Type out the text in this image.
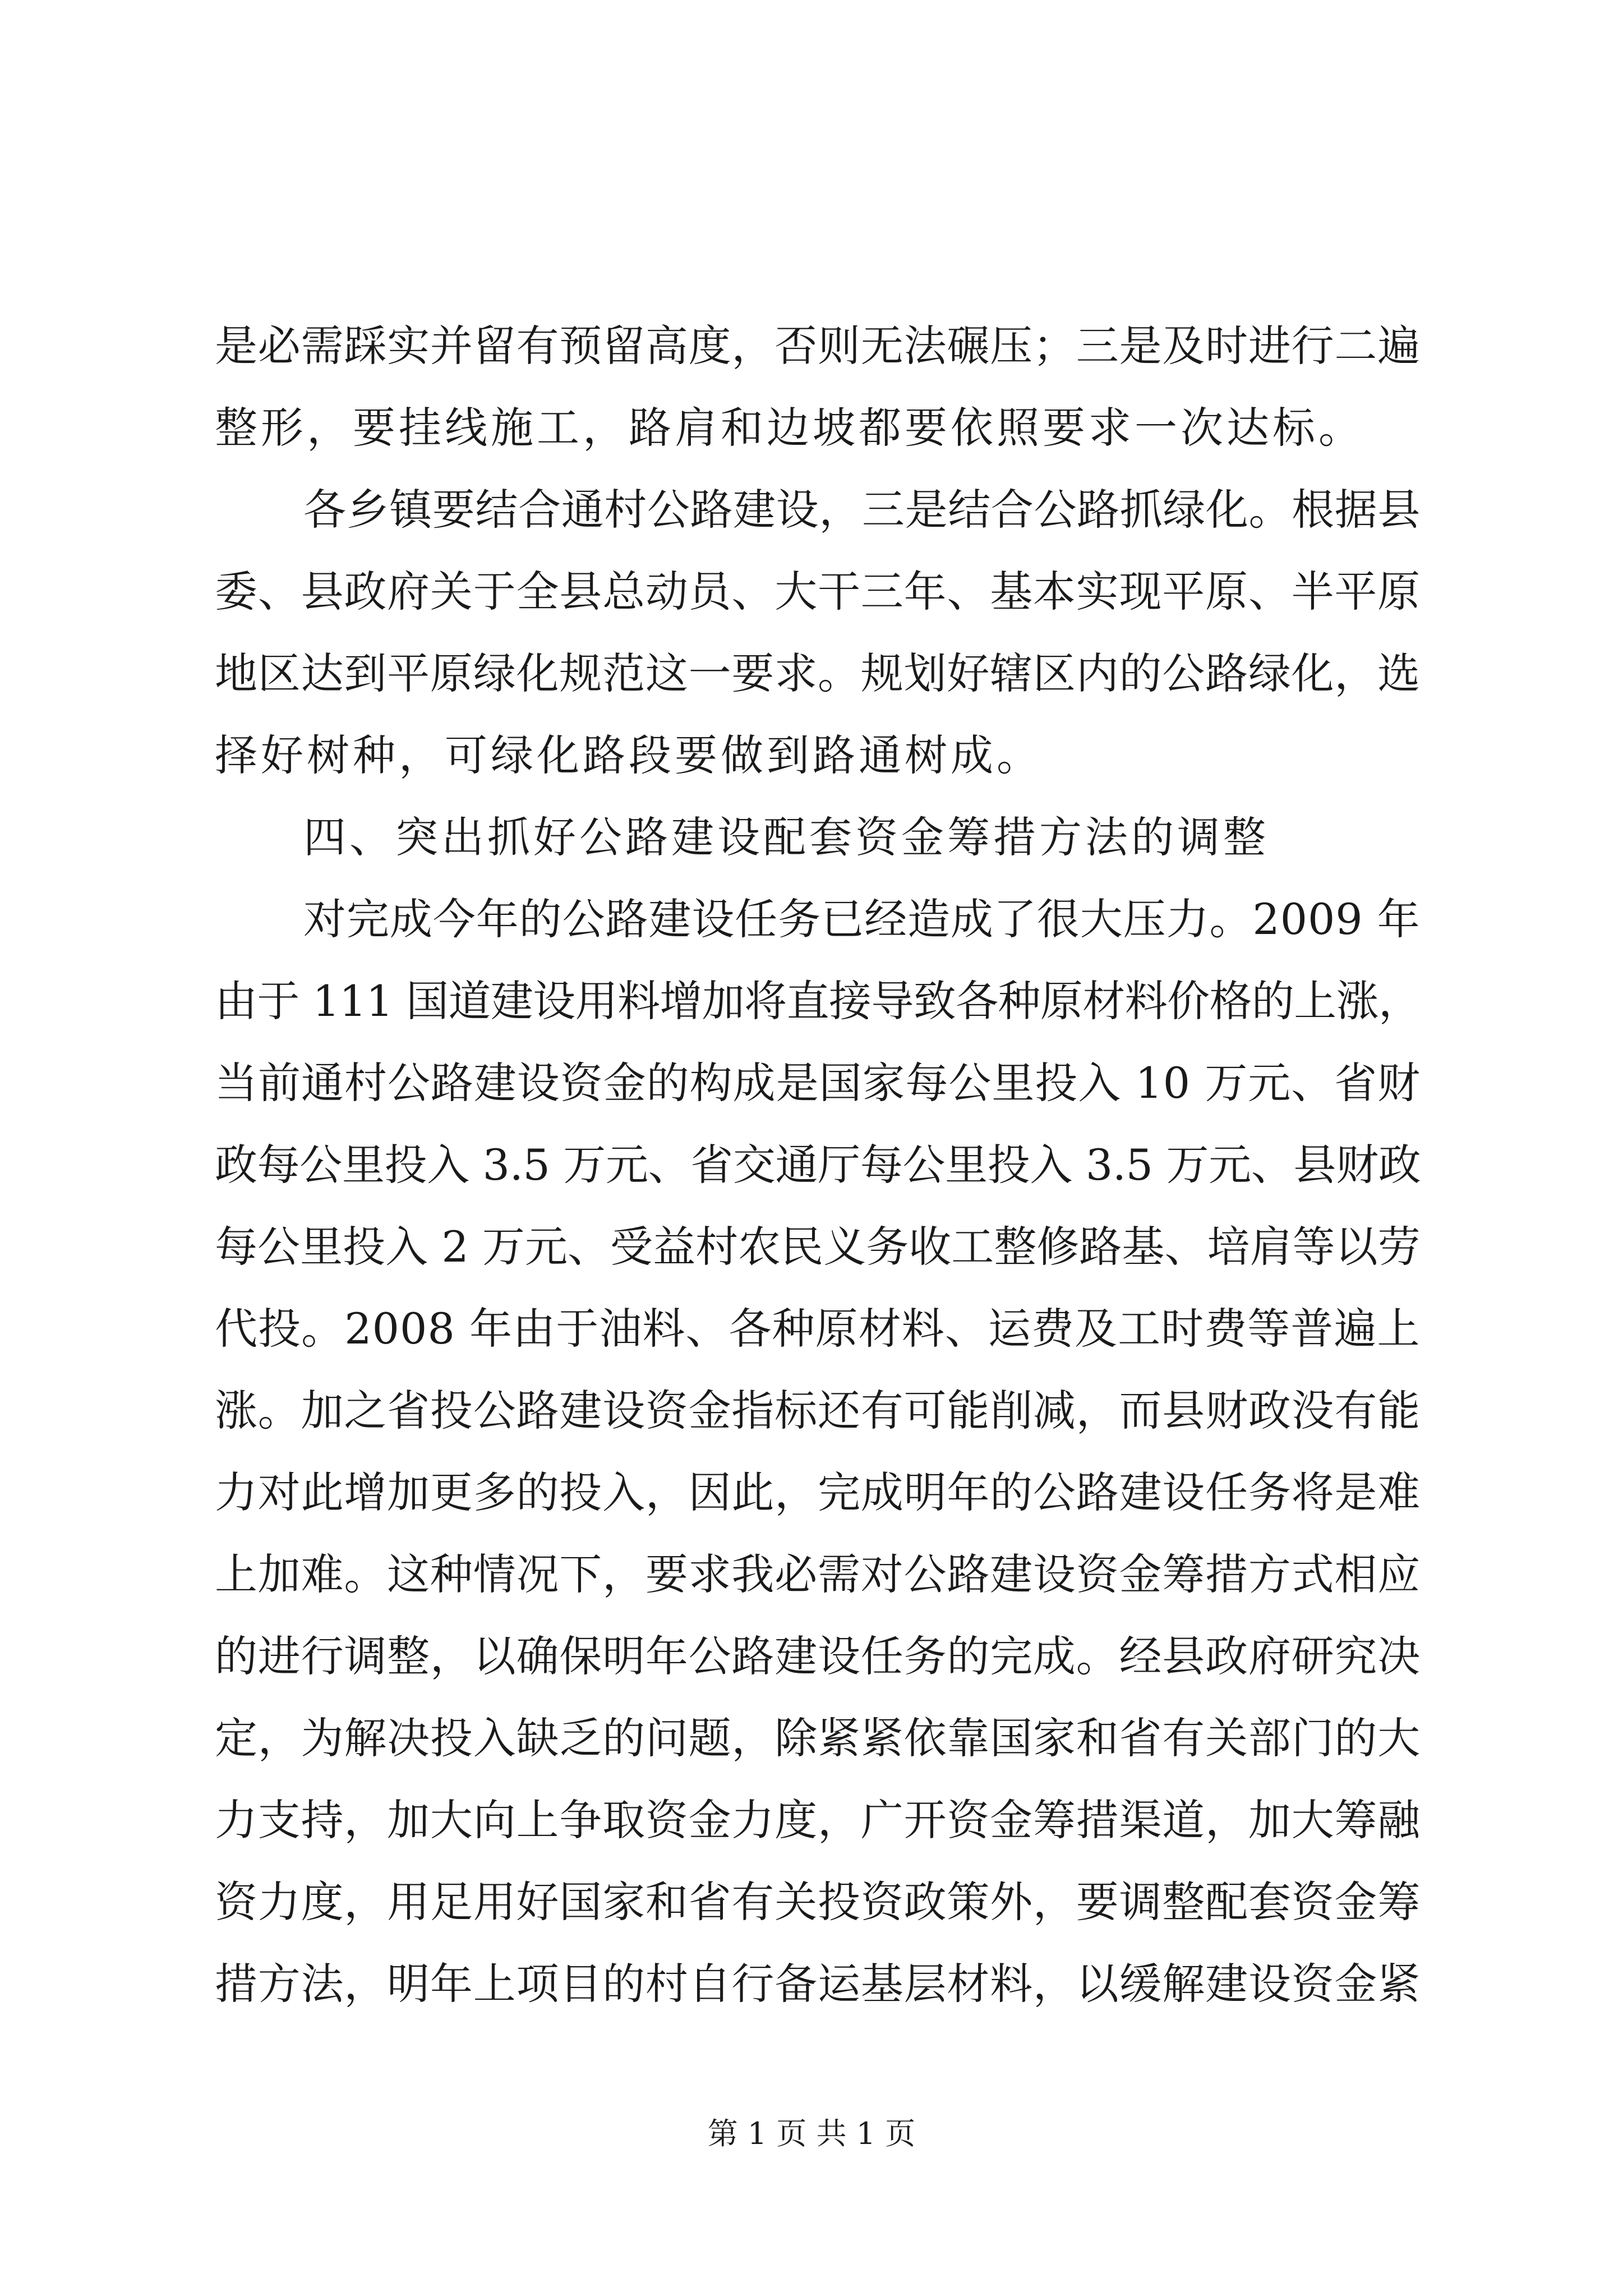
是必需踩实并留有预留高度，否则无法碾压；三是及时进行二遍
整形，要挂线施工，路肩和边坡都要依照要求一次达标。
各乡镇要结合通村公路建设，三是结合公路抓绿化。根据县
委、县政府关于全县总动员、大干三年、基本实现平原、半平原
地区达到平原绿化规范这一要求。规划好辖区内的公路绿化，选
择好树种，可绿化路段要做到路通树成。
四、突出抓好公路建设配套资金筹措方法的调整
对完成今年的公路建设任务已经造成了很大压力。2009 年
由于 111 国道建设用料增加将直接导致各种原材料价格的上涨，
当前通村公路建设资金的构成是国家每公里投入 10 万元、省财
政每公里投入 3.5 万元、省交通厅每公里投入 3.5 万元、县财政
每公里投入 2 万元、受益村农民义务收工整修路基、培肩等以劳
代投。2008 年由于油料、各种原材料、运费及工时费等普遍上
涨。加之省投公路建设资金指标还有可能削减，而县财政没有能
力对此增加更多的投入，因此，完成明年的公路建设任务将是难
上加难。这种情况下，要求我必需对公路建设资金筹措方式相应
的进行调整，以确保明年公路建设任务的完成。经县政府研究决
定，为解决投入缺乏的问题，除紧紧依靠国家和省有关部门的大
力支持，加大向上争取资金力度，广开资金筹措渠道，加大筹融
资力度，用足用好国家和省有关投资政策外，要调整配套资金筹
措方法，明年上项目的村自行备运基层材料，以缓解建设资金紧
第 1 页 共 1 页
